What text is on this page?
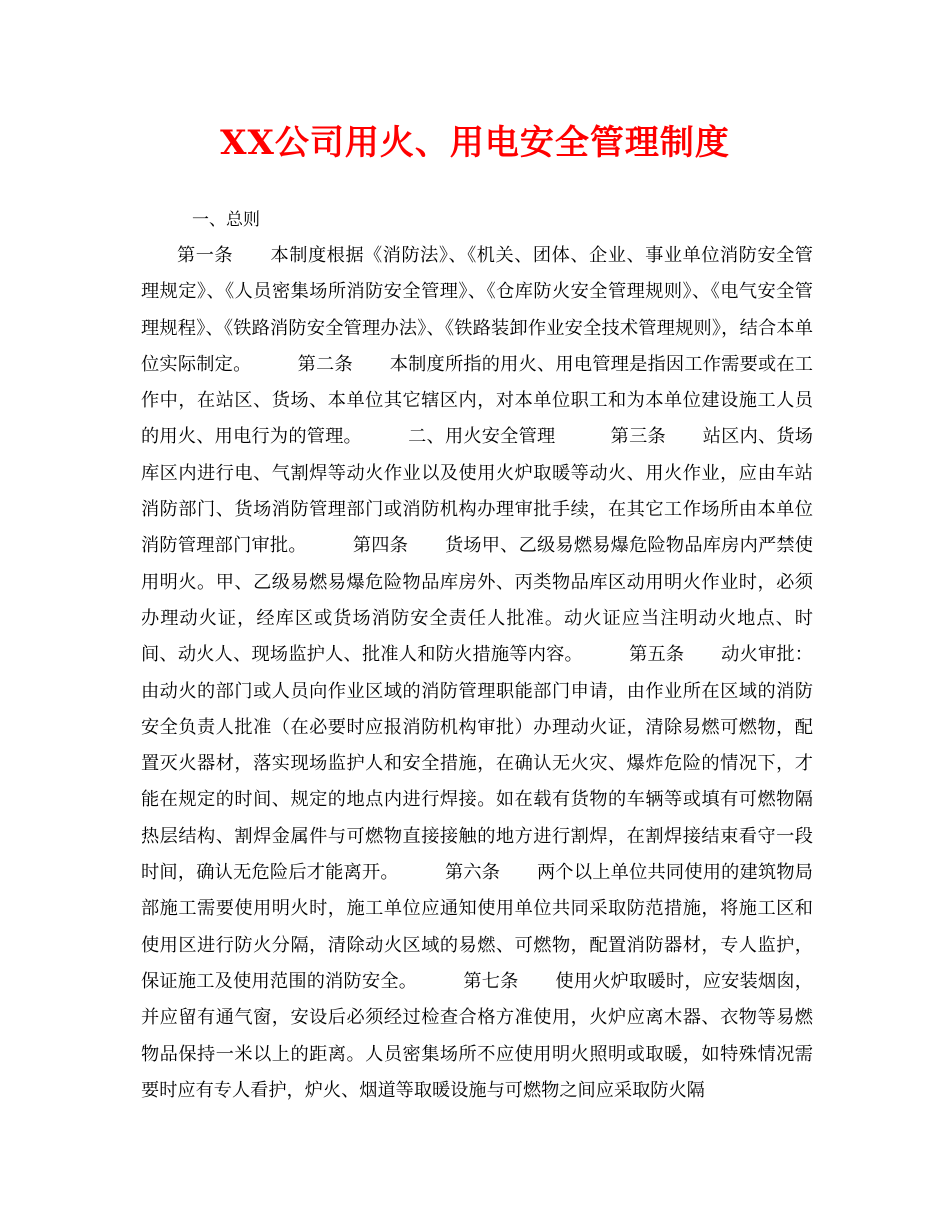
XX公司用火、用电安全管理制度

一、总则

第一条　　本制度根据《消防法》、《机关、团体、企业、事业单位消防安全管理规定》、《人员密集场所消防安全管理》、《仓库防火安全管理规则》、《电气安全管理规程》、《铁路消防安全管理办法》、《铁路装卸作业安全技术管理规则》，结合本单位实际制定。　　　第二条　　本制度所指的用火、用电管理是指因工作需要或在工作中，在站区、货场、本单位其它辖区内，对本单位职工和为本单位建设施工人员的用火、用电行为的管理。　　　二、用火安全管理　　　第三条　　站区内、货场库区内进行电、气割焊等动火作业以及使用火炉取暖等动火、用火作业，应由车站消防部门、货场消防管理部门或消防机构办理审批手续，在其它工作场所由本单位消防管理部门审批。　　　第四条　　货场甲、乙级易燃易爆危险物品库房内严禁使用明火。甲、乙级易燃易爆危险物品库房外、丙类物品库区动用明火作业时，必须办理动火证，经库区或货场消防安全责任人批准。动火证应当注明动火地点、时间、动火人、现场监护人、批准人和防火措施等内容。　　　第五条　　动火审批：由动火的部门或人员向作业区域的消防管理职能部门申请，由作业所在区域的消防安全负责人批准（在必要时应报消防机构审批）办理动火证，清除易燃可燃物，配置灭火器材，落实现场监护人和安全措施，在确认无火灾、爆炸危险的情况下，才能在规定的时间、规定的地点内进行焊接。如在载有货物的车辆等或填有可燃物隔热层结构、割焊金属件与可燃物直接接触的地方进行割焊，在割焊接结束看守一段时间，确认无危险后才能离开。　　　第六条　　两个以上单位共同使用的建筑物局部施工需要使用明火时，施工单位应通知使用单位共同采取防范措施，将施工区和使用区进行防火分隔，清除动火区域的易燃、可燃物，配置消防器材，专人监护，保证施工及使用范围的消防安全。　　　第七条　　使用火炉取暖时，应安装烟囱，并应留有通气窗，安设后必须经过检查合格方准使用，火炉应离木器、衣物等易燃物品保持一米以上的距离。人员密集场所不应使用明火照明或取暖，如特殊情况需要时应有专人看护，炉火、烟道等取暖设施与可燃物之间应采取防火隔
